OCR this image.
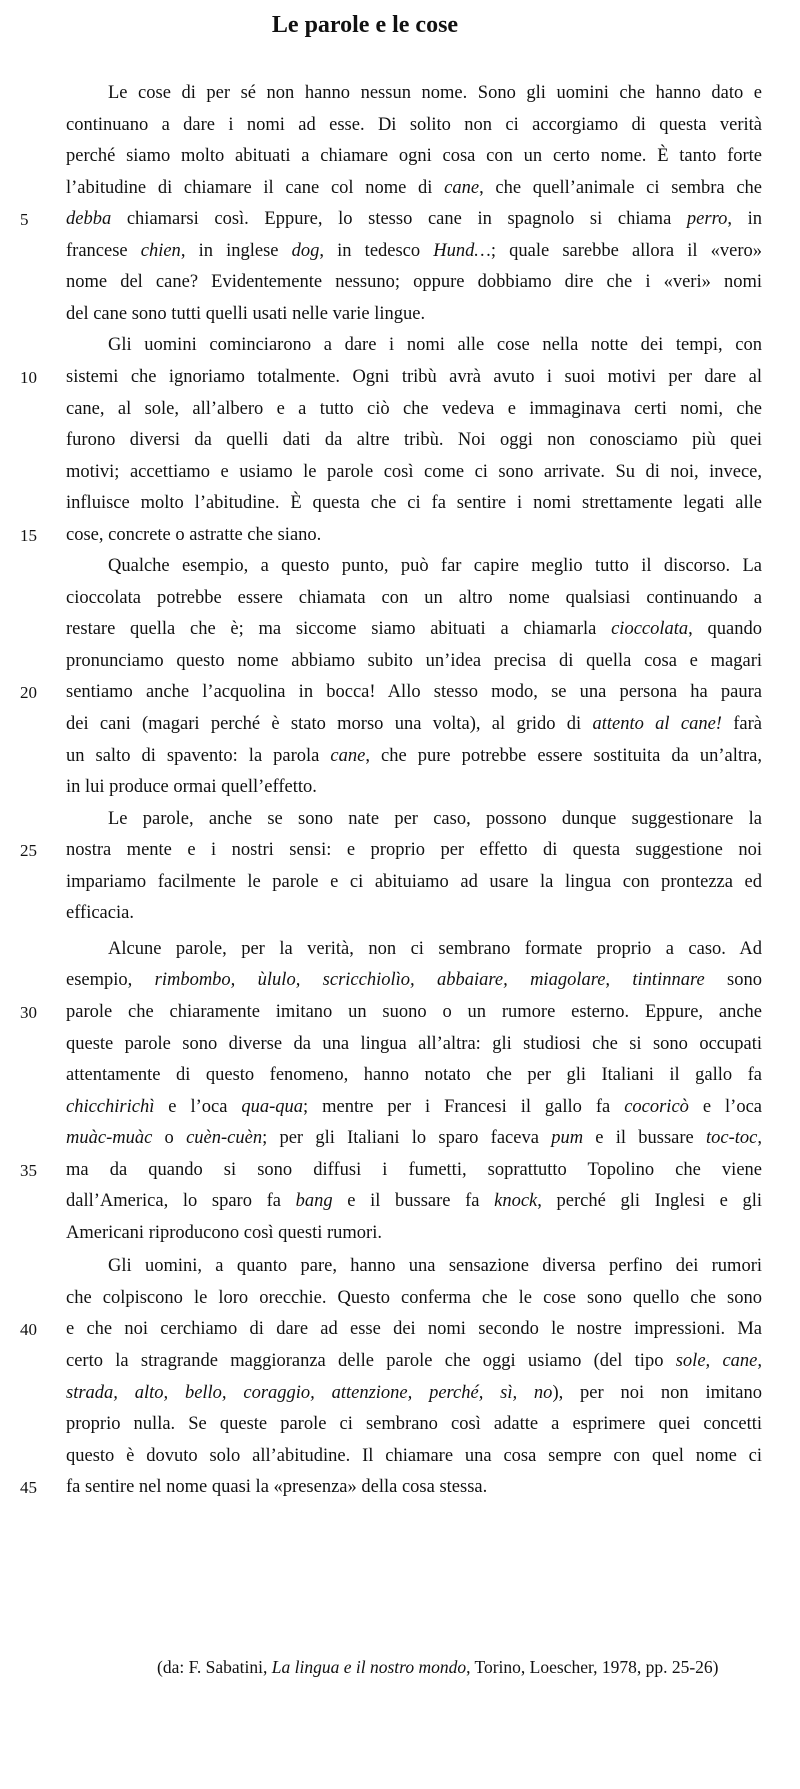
Le parole e le cose
Le cose di per sé non hanno nessun nome. Sono gli uomini che hanno dato e
continuano a dare i nomi ad esse. Di solito non ci accorgiamo di questa verità
perché siamo molto abituati a chiamare ogni cosa con un certo nome. È tanto forte
l’abitudine di chiamare il cane col nome di cane, che quell’animale ci sembra che
debba chiamarsi così. Eppure, lo stesso cane in spagnolo si chiama perro, in
5
francese chien, in inglese dog, in tedesco Hund…; quale sarebbe allora il «vero»
nome del cane? Evidentemente nessuno; oppure dobbiamo dire che i «veri» nomi
del cane sono tutti quelli usati nelle varie lingue.
Gli uomini cominciarono a dare i nomi alle cose nella notte dei tempi, con
sistemi che ignoriamo totalmente. Ogni tribù avrà avuto i suoi motivi per dare al
10
cane, al sole, all’albero e a tutto ciò che vedeva e immaginava certi nomi, che
furono diversi da quelli dati da altre tribù. Noi oggi non conosciamo più quei
motivi; accettiamo e usiamo le parole così come ci sono arrivate. Su di noi, invece,
influisce molto l’abitudine. È questa che ci fa sentire i nomi strettamente legati alle
cose, concrete o astratte che siano.
15
Qualche esempio, a questo punto, può far capire meglio tutto il discorso. La
cioccolata potrebbe essere chiamata con un altro nome qualsiasi continuando a
restare quella che è; ma siccome siamo abituati a chiamarla cioccolata, quando
pronunciamo questo nome abbiamo subito un’idea precisa di quella cosa e magari
sentiamo anche l’acquolina in bocca! Allo stesso modo, se una persona ha paura
20
dei cani (magari perché è stato morso una volta), al grido di attento al cane! farà
un salto di spavento: la parola cane, che pure potrebbe essere sostituita da un’altra,
in lui produce ormai quell’effetto.
Le parole, anche se sono nate per caso, possono dunque suggestionare la
nostra mente e i nostri sensi: e proprio per effetto di questa suggestione noi
25
impariamo facilmente le parole e ci abituiamo ad usare la lingua con prontezza ed
efficacia.
Alcune parole, per la verità, non ci sembrano formate proprio a caso. Ad
esempio, rimbombo, ùlulo, scricchiolìo, abbaiare, miagolare, tintinnare sono
parole che chiaramente imitano un suono o un rumore esterno. Eppure, anche
30
queste parole sono diverse da una lingua all’altra: gli studiosi che si sono occupati
attentamente di questo fenomeno, hanno notato che per gli Italiani il gallo fa
chicchirichì e l’oca qua-qua; mentre per i Francesi il gallo fa cocoricò e l’oca
muàc-muàc o cuèn-cuèn; per gli Italiani lo sparo faceva pum e il bussare toc-toc,
ma da quando si sono diffusi i fumetti, soprattutto Topolino che viene
35
dall’America, lo sparo fa bang e il bussare fa knock, perché gli Inglesi e gli
Americani riproducono così questi rumori.
Gli uomini, a quanto pare, hanno una sensazione diversa perfino dei rumori
che colpiscono le loro orecchie. Questo conferma che le cose sono quello che sono
e che noi cerchiamo di dare ad esse dei nomi secondo le nostre impressioni. Ma
40
certo la stragrande maggioranza delle parole che oggi usiamo (del tipo sole, cane,
strada, alto, bello, coraggio, attenzione, perché, sì, no), per noi non imitano
proprio nulla. Se queste parole ci sembrano così adatte a esprimere quei concetti
questo è dovuto solo all’abitudine. Il chiamare una cosa sempre con quel nome ci
fa sentire nel nome quasi la «presenza» della cosa stessa.
45
(da: F. Sabatini, La lingua e il nostro mondo, Torino, Loescher, 1978, pp. 25-26)
